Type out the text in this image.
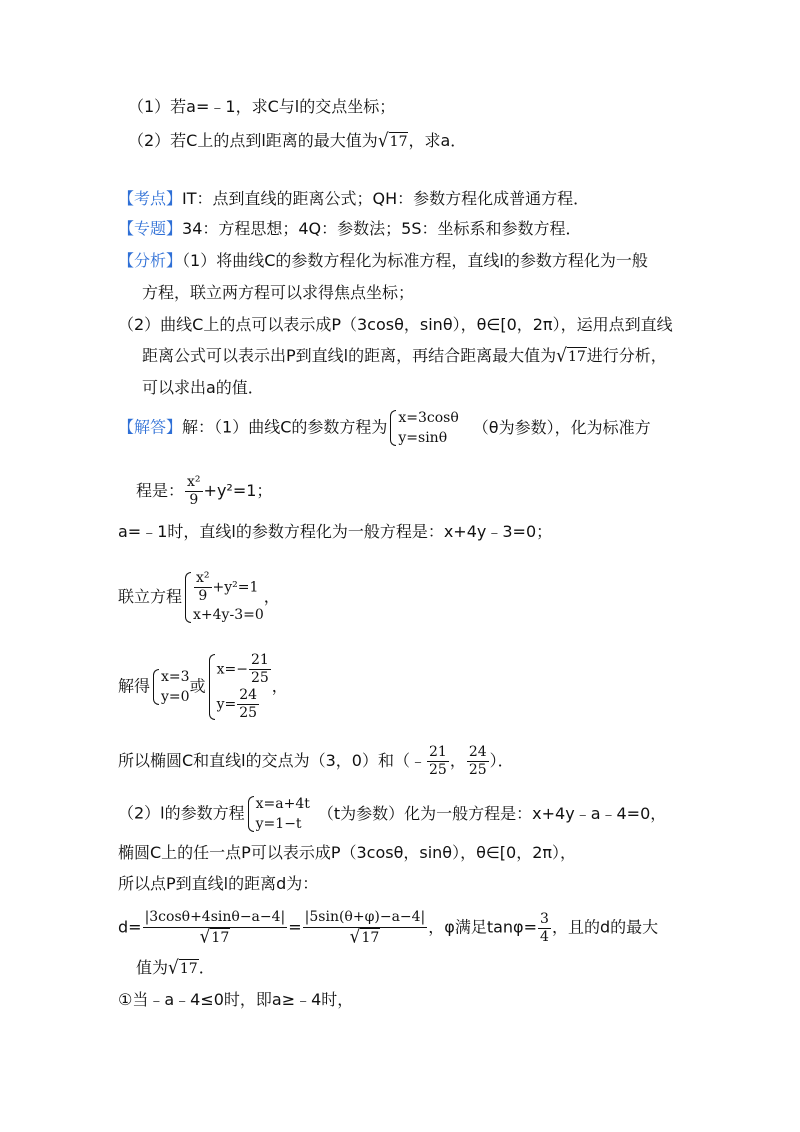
（1）若a=﹣1，求C与l的交点坐标；
（2）若C上的点到l距离的最大值为√17，求a．
【考点】IT：点到直线的距离公式；QH：参数方程化成普通方程．
【专题】34：方程思想；4Q：参数法；5S：坐标系和参数方程．
【分析】（1）将曲线C的参数方程化为标准方程，直线l的参数方程化为一般
方程，联立两方程可以求得焦点坐标；
（2）曲线C上的点可以表示成P（3cosθ，sinθ），θ∈[0，2π），运用点到直线
距离公式可以表示出P到直线l的距离，再结合距离最大值为√17进行分析，
可以求出a的值．
【解答】解：（1）曲线C的参数方程为 x=3cosθ
y=sinθ
（θ为参数），化为标准方
程是： $\frac{\text{x²}}{9} +y^2=1$；
a=﹣1时，直线l的参数方程化为一般方程是：x+4y﹣3=0；
联立方程 $\frac{\text{x²}}{9} +y^2=1$
x+4y-3=0
，
解得 x=3
y=0
或
$x=- \frac{21}{25}$
$y= \frac{24}{25}$
，
所以椭圆C和直线l的交点为（3，0）和（﹣ $\frac{21}{25}$ ， $\frac{24}{25}$ ）．
（2）l的参数方程 x=a+4t
y=1−t
（t为参数）化为一般方程是：x+4y﹣a﹣4=0，
椭圆C上的任一点P可以表示成P（3cosθ，sinθ），θ∈[0，2π），
所以点P到直线l的距离d为：
$d= \frac{|3\cos\theta+4\sin\theta-a-4|}{√17} = \frac{|5\sin(\theta+\varphi)-a-4|}{√17}$ ，φ满足$\tan\varphi= \frac{3}{4}$ ，且的d的最大
值为√17．
①当﹣a﹣4≤0时，即a≥﹣4时，
